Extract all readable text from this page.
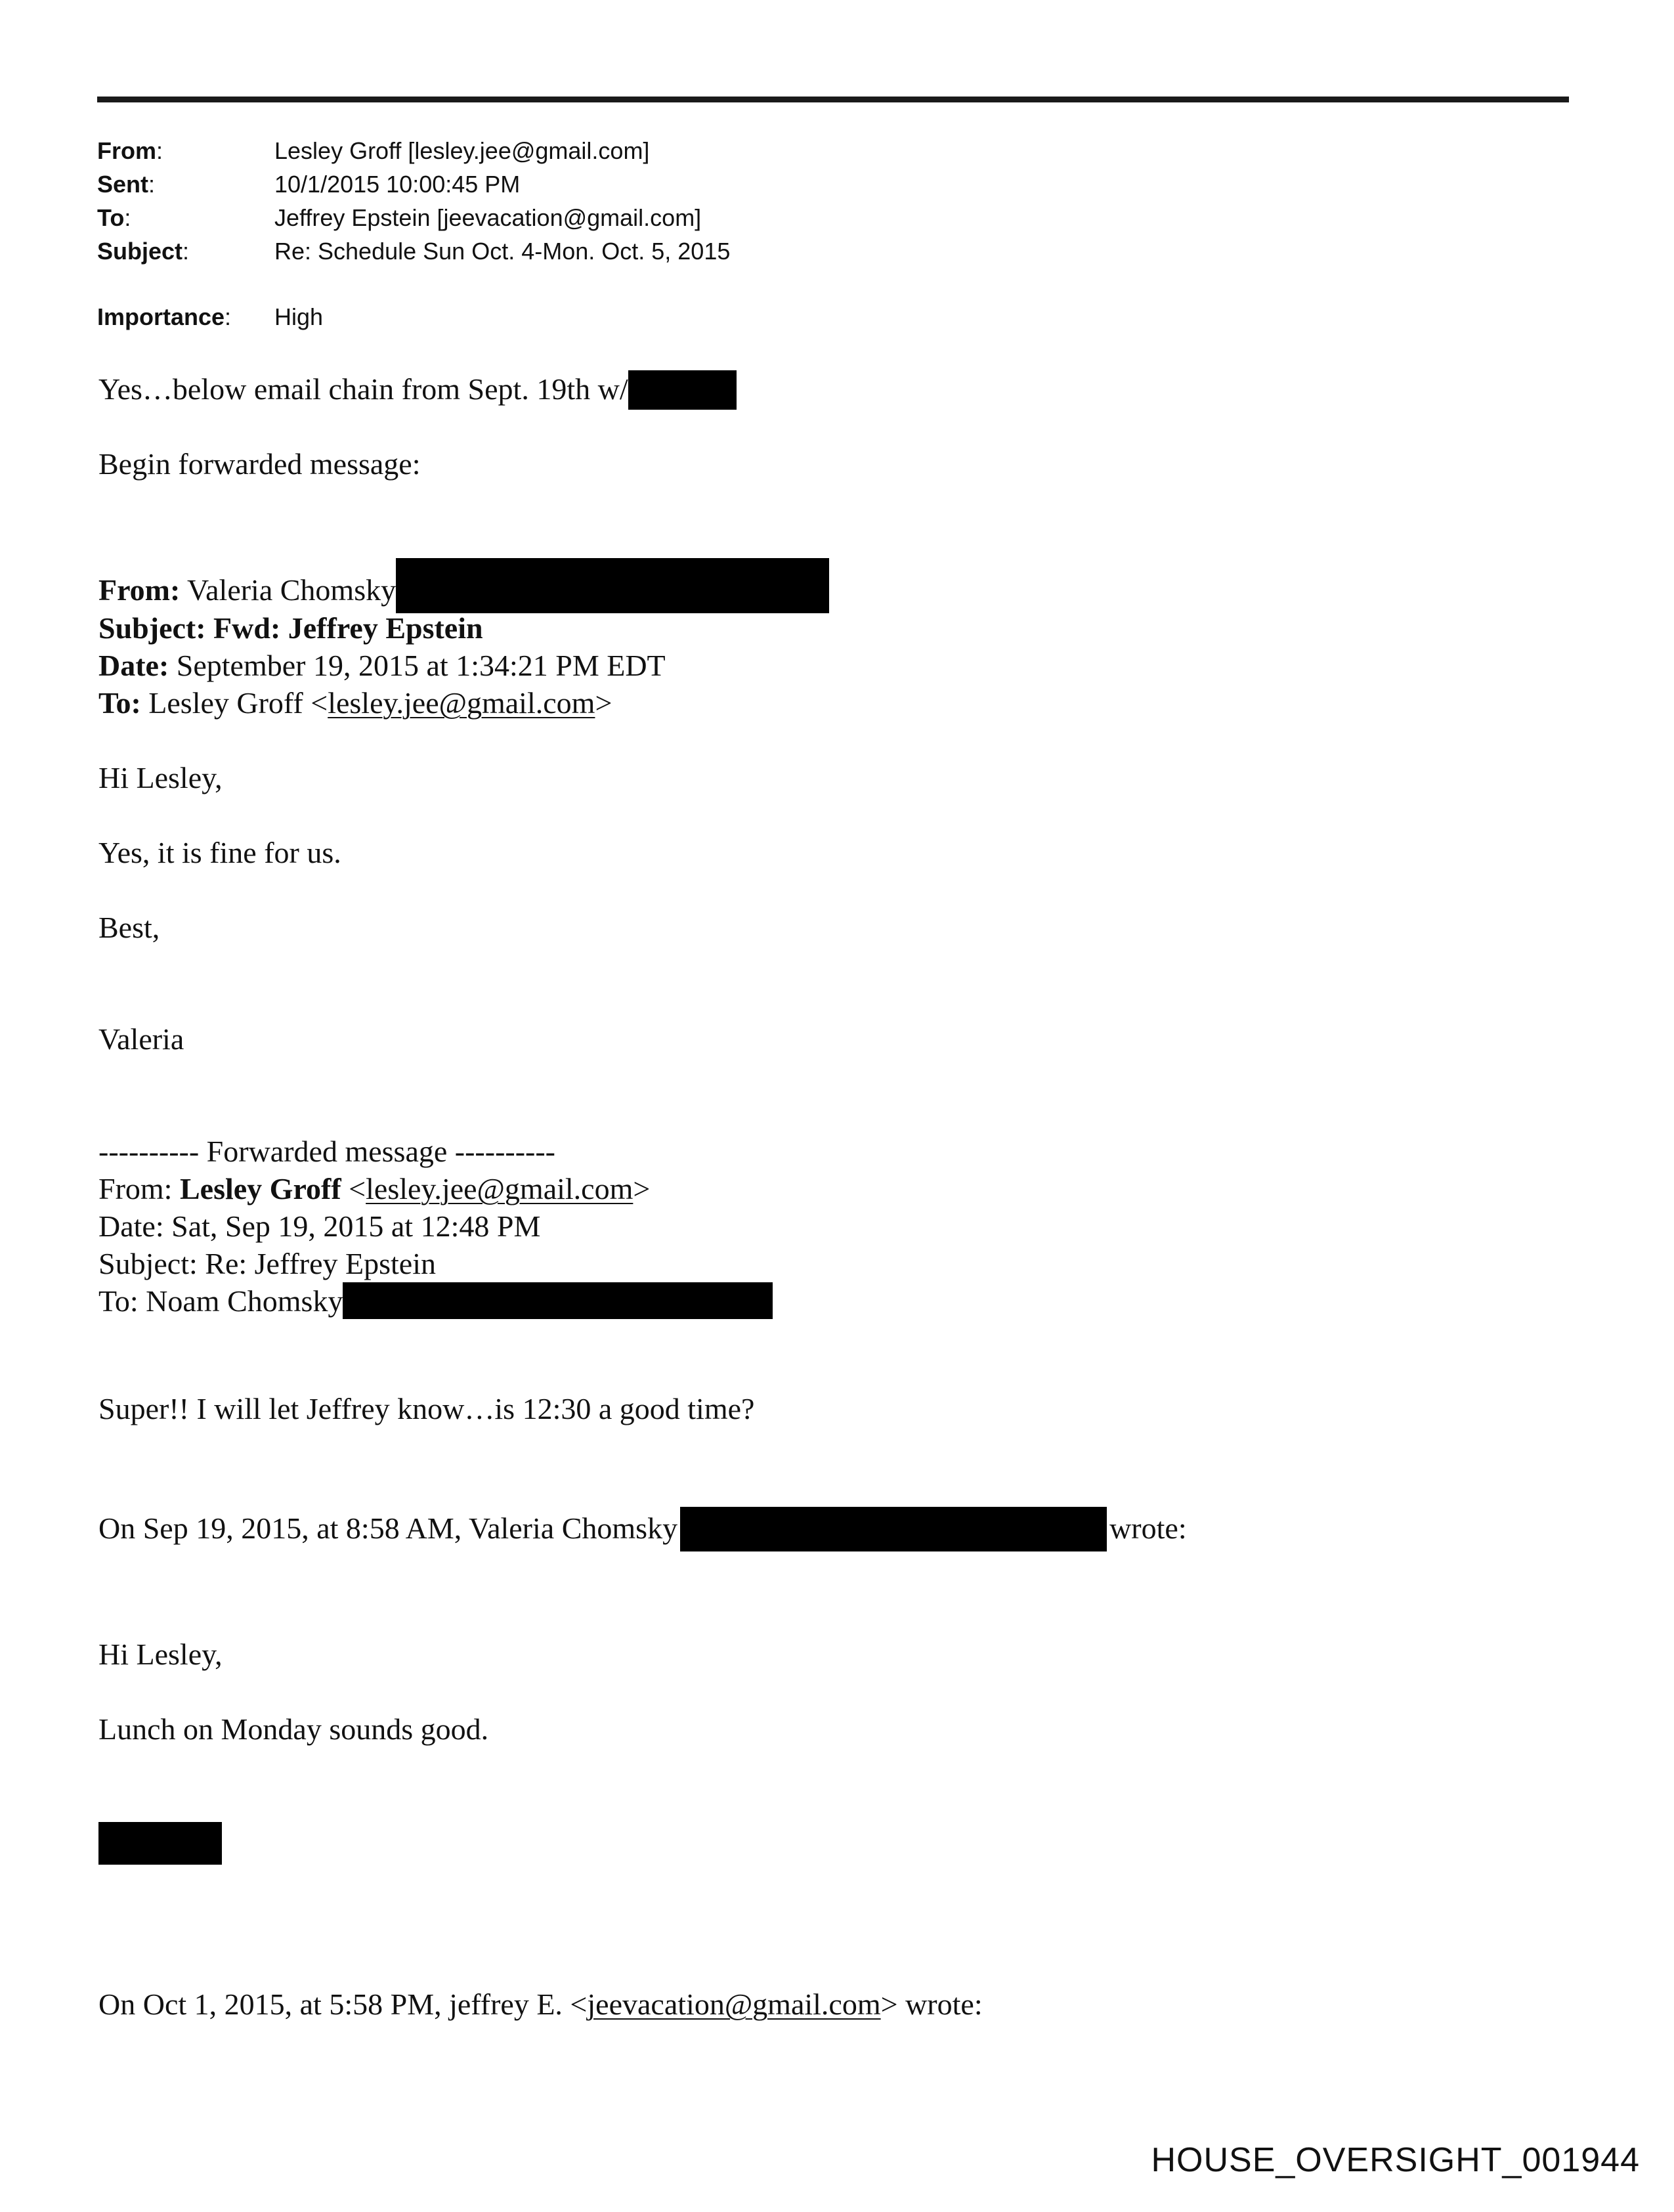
From:	Lesley Groff [lesley.jee@gmail.com]
Sent:	10/1/2015 10:00:45 PM
To:	Jeffrey Epstein [jeevacation@gmail.com]
Subject:	Re: Schedule Sun Oct. 4-Mon. Oct. 5, 2015
Importance: High
Yes…below email chain from Sept. 19th w/
Begin forwarded message:
From: Valeria Chomsky
Subject: Fwd: Jeffrey Epstein
Date: September 19, 2015 at 1:34:21 PM EDT
To: Lesley Groff <lesley.jee@gmail.com>
Hi Lesley,
Yes, it is fine for us.
Best,
Valeria
---------- Forwarded message ----------
From: Lesley Groff <lesley.jee@gmail.com>
Date: Sat, Sep 19, 2015 at 12:48 PM
Subject: Re: Jeffrey Epstein
To: Noam Chomsky
Super!! I will let Jeffrey know…is 12:30 a good time?
On Sep 19, 2015, at 8:58 AM, Valeria Chomsky	wrote:
Hi Lesley,
Lunch on Monday sounds good.
On Oct 1, 2015, at 5:58 PM, jeffrey E. <jeevacation@gmail.com> wrote:
HOUSE_OVERSIGHT_001944
